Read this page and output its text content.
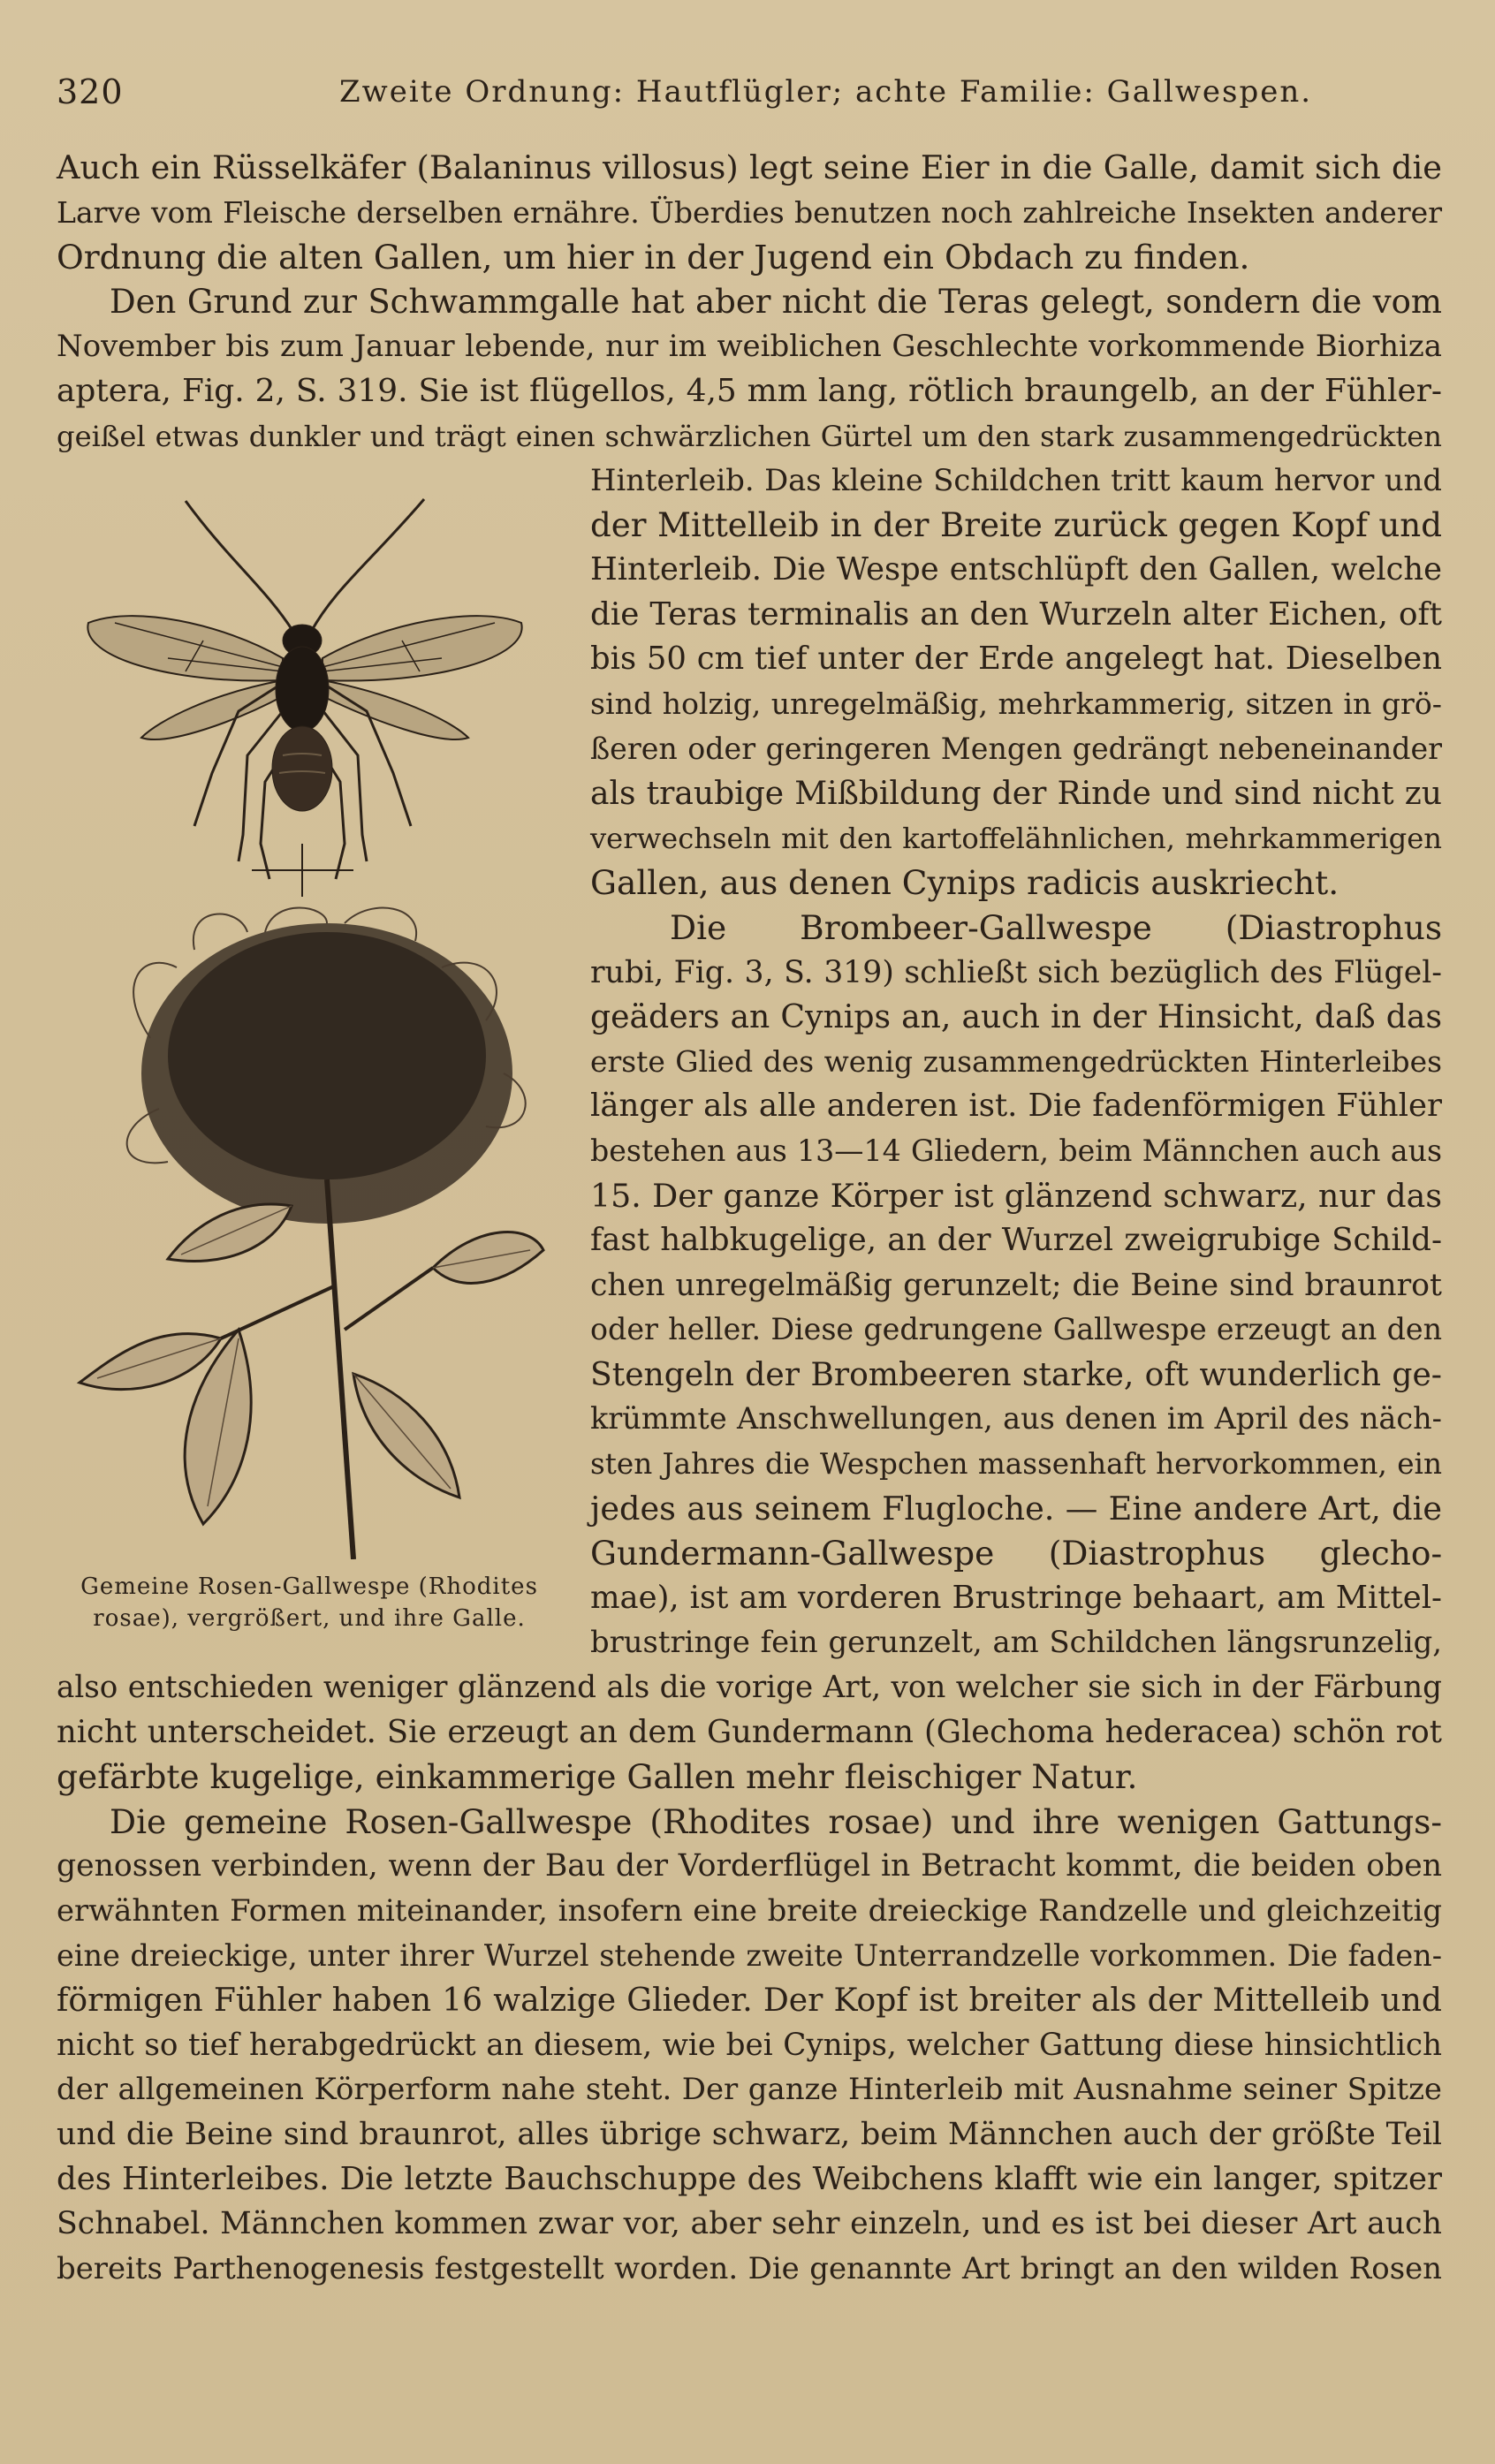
320	Zweite Ordnung: Hautflügler; achte Familie: Gallwespen.
Auch ein Rüsselkäfer (Balaninus villosus) legt seine Eier in die Galle, damit sich die
Larve vom Fleische derselben ernähre. Überdies benutzen noch zahlreiche Insekten anderer
Ordnung die alten Gallen, um hier in der Jugend ein Obdach zu finden.
Den Grund zur Schwammgalle hat aber nicht die Teras gelegt, sondern die vom
November bis zum Januar lebende, nur im weiblichen Geschlechte vorkommende Biorhiza
aptera, Fig. 2, S. 319. Sie ist flügellos, 4,5 mm lang, rötlich braungelb, an der Fühler-
geißel etwas dunkler und trägt einen schwärzlichen Gürtel um den stark zusammengedrückten
Gemeine Rosen-Gallwespe (Rhodites
rosae), vergrößert, und ihre Galle.
Hinterleib. Das kleine Schildchen tritt kaum hervor und
der Mittelleib in der Breite zurück gegen Kopf und
Hinterleib. Die Wespe entschlüpft den Gallen, welche
die Teras terminalis an den Wurzeln alter Eichen, oft
bis 50 cm tief unter der Erde angelegt hat. Dieselben
sind holzig, unregelmäßig, mehrkammerig, sitzen in grö-
ßeren oder geringeren Mengen gedrängt nebeneinander
als traubige Mißbildung der Rinde und sind nicht zu
verwechseln mit den kartoffelähnlichen, mehrkammerigen
Gallen, aus denen Cynips radicis auskriecht.
Die Brombeer-Gallwespe (Diastrophus
rubi, Fig. 3, S. 319) schließt sich bezüglich des Flügel-
geäders an Cynips an, auch in der Hinsicht, daß das
erste Glied des wenig zusammengedrückten Hinterleibes
länger als alle anderen ist. Die fadenförmigen Fühler
bestehen aus 13—14 Gliedern, beim Männchen auch aus
15. Der ganze Körper ist glänzend schwarz, nur das
fast halbkugelige, an der Wurzel zweigrubige Schild-
chen unregelmäßig gerunzelt; die Beine sind braunrot
oder heller. Diese gedrungene Gallwespe erzeugt an den
Stengeln der Brombeeren starke, oft wunderlich ge-
krümmte Anschwellungen, aus denen im April des näch-
sten Jahres die Wespchen massenhaft hervorkommen, ein
jedes aus seinem Flugloche. — Eine andere Art, die
Gundermann-Gallwespe (Diastrophus glecho-
mae), ist am vorderen Brustringe behaart, am Mittel-
brustringe fein gerunzelt, am Schildchen längsrunzelig,
also entschieden weniger glänzend als die vorige Art, von welcher sie sich in der Färbung
nicht unterscheidet. Sie erzeugt an dem Gundermann (Glechoma hederacea) schön rot
gefärbte kugelige, einkammerige Gallen mehr fleischiger Natur.
Die gemeine Rosen-Gallwespe (Rhodites rosae) und ihre wenigen Gattungs-
genossen verbinden, wenn der Bau der Vorderflügel in Betracht kommt, die beiden oben
erwähnten Formen miteinander, insofern eine breite dreieckige Randzelle und gleichzeitig
eine dreieckige, unter ihrer Wurzel stehende zweite Unterrandzelle vorkommen. Die faden-
förmigen Fühler haben 16 walzige Glieder. Der Kopf ist breiter als der Mittelleib und
nicht so tief herabgedrückt an diesem, wie bei Cynips, welcher Gattung diese hinsichtlich
der allgemeinen Körperform nahe steht. Der ganze Hinterleib mit Ausnahme seiner Spitze
und die Beine sind braunrot, alles übrige schwarz, beim Männchen auch der größte Teil
des Hinterleibes. Die letzte Bauchschuppe des Weibchens klafft wie ein langer, spitzer
Schnabel. Männchen kommen zwar vor, aber sehr einzeln, und es ist bei dieser Art auch
bereits Parthenogenesis festgestellt worden. Die genannte Art bringt an den wilden Rosen
